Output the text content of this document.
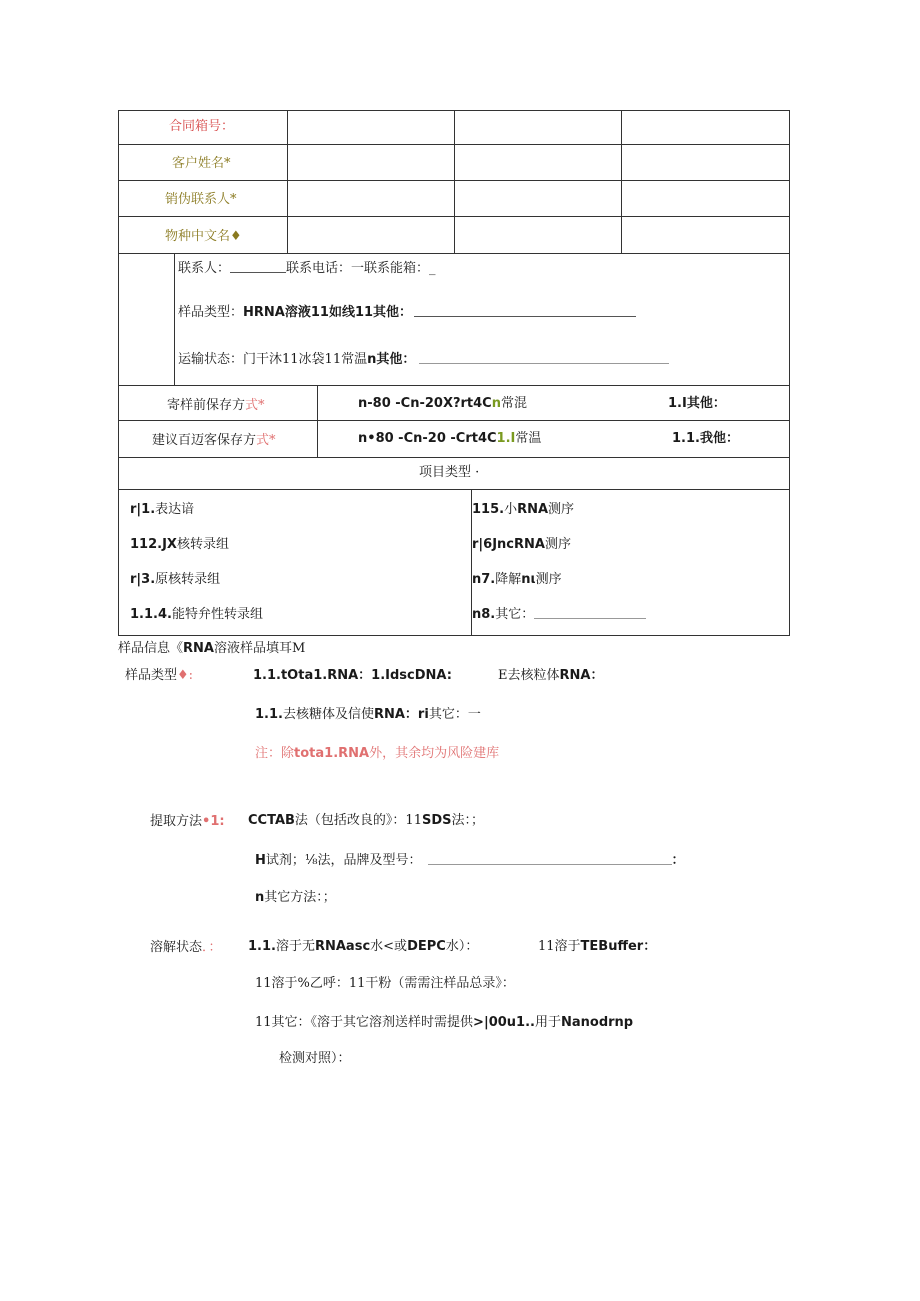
合同箱号：
客户姓名*
销伪联系人*
物种中文名♦
联系人：	联系电话：一联系能箱：_
样品类型：HRNA溶液11如线11其他：
运输状态：门干沐11冰袋11常温n其他：
寄样前保存方式*	n-80 -Cn-20X?rt4Cn常混	1.I其他：
建议百迈客保存方式*	n•80 -Cn-20 -Crt4C1.I常温	1.1.我他：
项目类型 ·
r|1.表达谙
112.JX核转录组
r|3.原核转录组
1.1.4.能特弁性转录组
115.小RNA测序
r|6JncRNA测序
n7.降解nι测序
n8.其它：
样品信息《RNA溶液样品填耳M
样品类型♦:	1.1.tOta1.RNA：1.IdscDNA:	E去核粒体RNA：
1.1.去核糖体及信使RNA：ri其它：一
注：除tota1.RNA外，其余均为风险建库
提取方法•1: CCTAB法（包括改良的》：11SDS法：；
H试剂；⅛法，品牌及型号：	：
n其它方法：；
溶解状态．： 1.1.溶于无RNAasc水<或DEPC水）：	11溶于TEBuffer：
11溶于%乙呼：11干粉（需需注样品总录》：
11其它：《溶于其它溶剂送样时需提供>|00u1..用于Nanodrnp
检测对照）：
